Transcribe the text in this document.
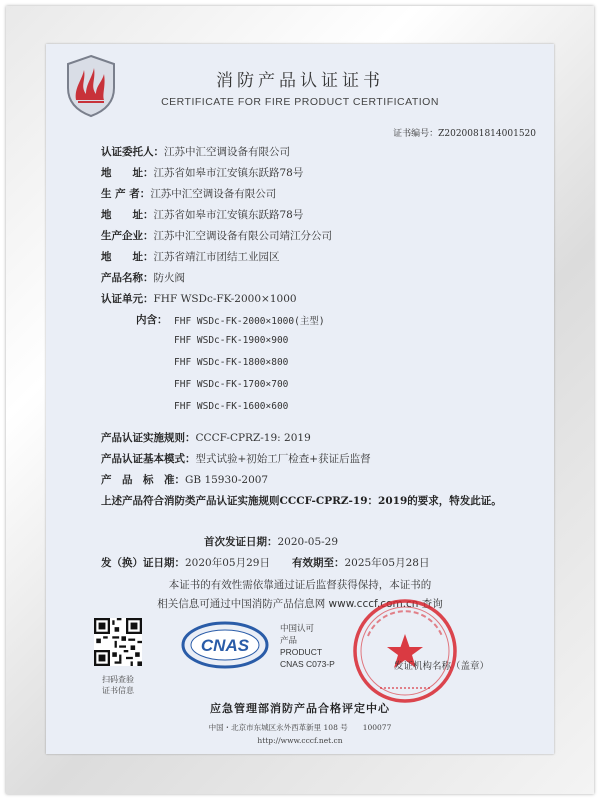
消防产品认证证书
CERTIFICATE FOR FIRE PRODUCT CERTIFICATION
证书编号：Z2020081814001520
认证委托人：江苏中汇空调设备有限公司
地　　址：江苏省如皋市江安镇东跃路78号
生 产 者：江苏中汇空调设备有限公司
地　　址：江苏省如皋市江安镇东跃路78号
生产企业：江苏中汇空调设备有限公司靖江分公司
地　　址：江苏省靖江市团结工业园区
产品名称：防火阀
认证单元：FHF WSDc-FK-2000×1000
内含： FHF WSDc-FK-2000×1000(主型)
FHF WSDc-FK-1900×900
FHF WSDc-FK-1800×800
FHF WSDc-FK-1700×700
FHF WSDc-FK-1600×600
产品认证实施规则：CCCF-CPRZ-19: 2019
产品认证基本模式：型式试验+初始工厂检查+获证后监督
产　品　标　准：GB 15930-2007
上述产品符合消防类产品认证实施规则CCCF-CPRZ-19：2019的要求，特发此证。
首次发证日期：2020-05-29
发（换）证日期：2020年05月29日 有效期至：2025年05月28日
本证书的有效性需依靠通过证后监督获得保持，本证书的
相关信息可通过中国消防产品信息网 www.cccf.com.cn 查询
扫码查验
证书信息
CNAS
中国认可
产品
PRODUCT
CNAS C073-P	发证机构名称（盖章）
应急管理部消防产品合格评定中心
中国・北京市东城区永外西革新里 108 号　　100077
http://www.cccf.net.cn
